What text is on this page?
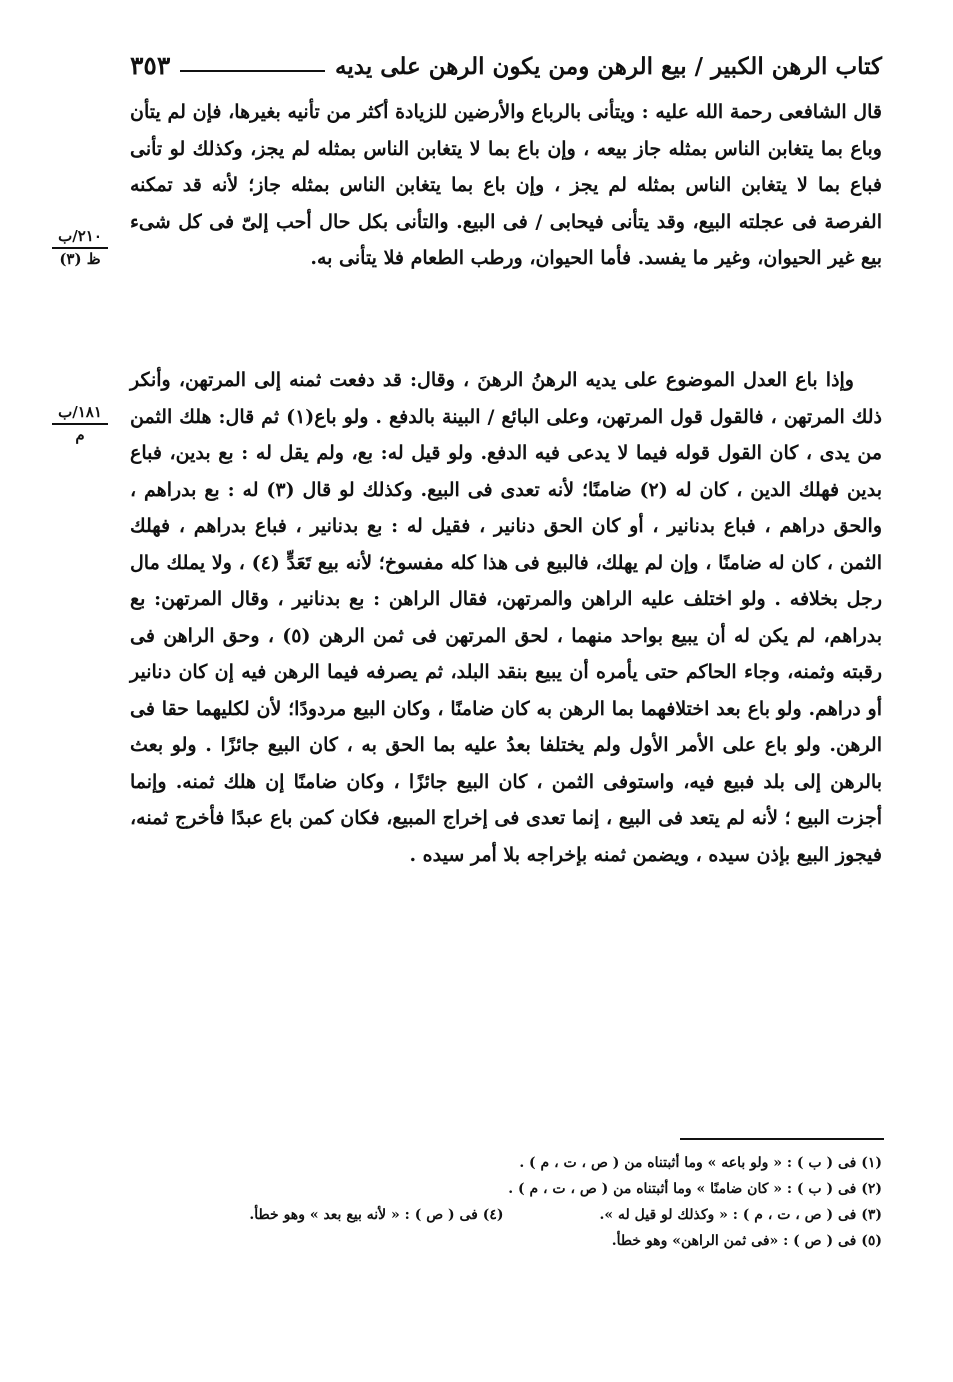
كتاب الرهن الكبير / بيع الرهن ومن يكون الرهن على يديه
٣٥٣
٢١٠/ب
ظ (٣)
١٨١/ب
م

قال الشافعى رحمة الله عليه : ويتأنى بالرباع والأرضين للزيادة أكثر من تأنيه بغيرها، فإن لم يتأن وباع بما يتغابن الناس بمثله جاز بيعه ، وإن باع بما لا يتغابن الناس بمثله لم يجز، وكذلك لو تأنى فباع بما لا يتغابن الناس بمثله لم يجز ، وإن باع بما يتغابن الناس بمثله جاز؛ لأنه قد تمكنه الفرصة فى عجلته البيع، وقد يتأنى فيحابى / فى البيع. والتأنى بكل حال أحب إلىّ فى كل شىء بيع غير الحيوان، وغير ما يفسد. فأما الحيوان، ورطب الطعام فلا يتأنى به.

وإذا باع العدل الموضوع على يديه الرهنُ الرهنَ ، وقال: قد دفعت ثمنه إلى المرتهن، وأنكر ذلك المرتهن ، فالقول قول المرتهن، وعلى البائع / البينة بالدفع . ولو باع(١) ثم قال: هلك الثمن من يدى ، كان القول قوله فيما لا يدعى فيه الدفع. ولو قيل له: بع، ولم يقل له : بع بدين، فباع بدين فهلك الدين ، كان له (٢) ضامنًا؛ لأنه تعدى فى البيع. وكذلك لو قال (٣) له : بع بدراهم ، والحق دراهم ، فباع بدنانير ، أو كان الحق دنانير ، فقيل له : بع بدنانير ، فباع بدراهم ، فهلك الثمن ، كان له ضامنًا ، وإن لم يهلك، فالبيع فى هذا كله مفسوخ؛ لأنه بيع تَعَدٍّ (٤) ، ولا يملك مال رجل بخلافه . ولو اختلف عليه الراهن والمرتهن، فقال الراهن : بع بدنانير ، وقال المرتهن: بع بدراهم، لم يكن له أن يبيع بواحد منهما ، لحق المرتهن فى ثمن الرهن (٥) ، وحق الراهن فى رقبته وثمنه، وجاء الحاكم حتى يأمره أن يبيع بنقد البلد، ثم يصرفه فيما الرهن فيه إن كان دنانير أو دراهم. ولو باع بعد اختلافهما بما الرهن به كان ضامنًا ، وكان البيع مردودًا؛ لأن لكليهما حقا فى الرهن. ولو باع على الأمر الأول ولم يختلفا بعدُ عليه بما الحق به ، كان البيع جائزًا . ولو بعث بالرهن إلى بلد فبيع فيه، واستوفى الثمن ، كان البيع جائزًا ، وكان ضامنًا إن هلك ثمنه. وإنما أجزت البيع ؛ لأنه لم يتعد فى البيع ، إنما تعدى فى إخراج المبيع، فكان كمن باع عبدًا فأخرج ثمنه، فيجوز البيع بإذن سيده ، ويضمن ثمنه بإخراجه بلا أمر سيده .

(١) فى ( ب ) : « ولو باعه » وما أثبتناه من ( ص ، ت ، م ) .
(٢) فى ( ب ) : « كان ضامنًا » وما أثبتناه من ( ص ، ت ، م ) .
(٣) فى ( ص ، ت ، م ) : « وكذلك لو قيل له ».
(٤) فى ( ص ) : « لأنه بيع بعد » وهو خطأ.
(٥) فى ( ص ) : «فى ثمن الراهن» وهو خطأ.
